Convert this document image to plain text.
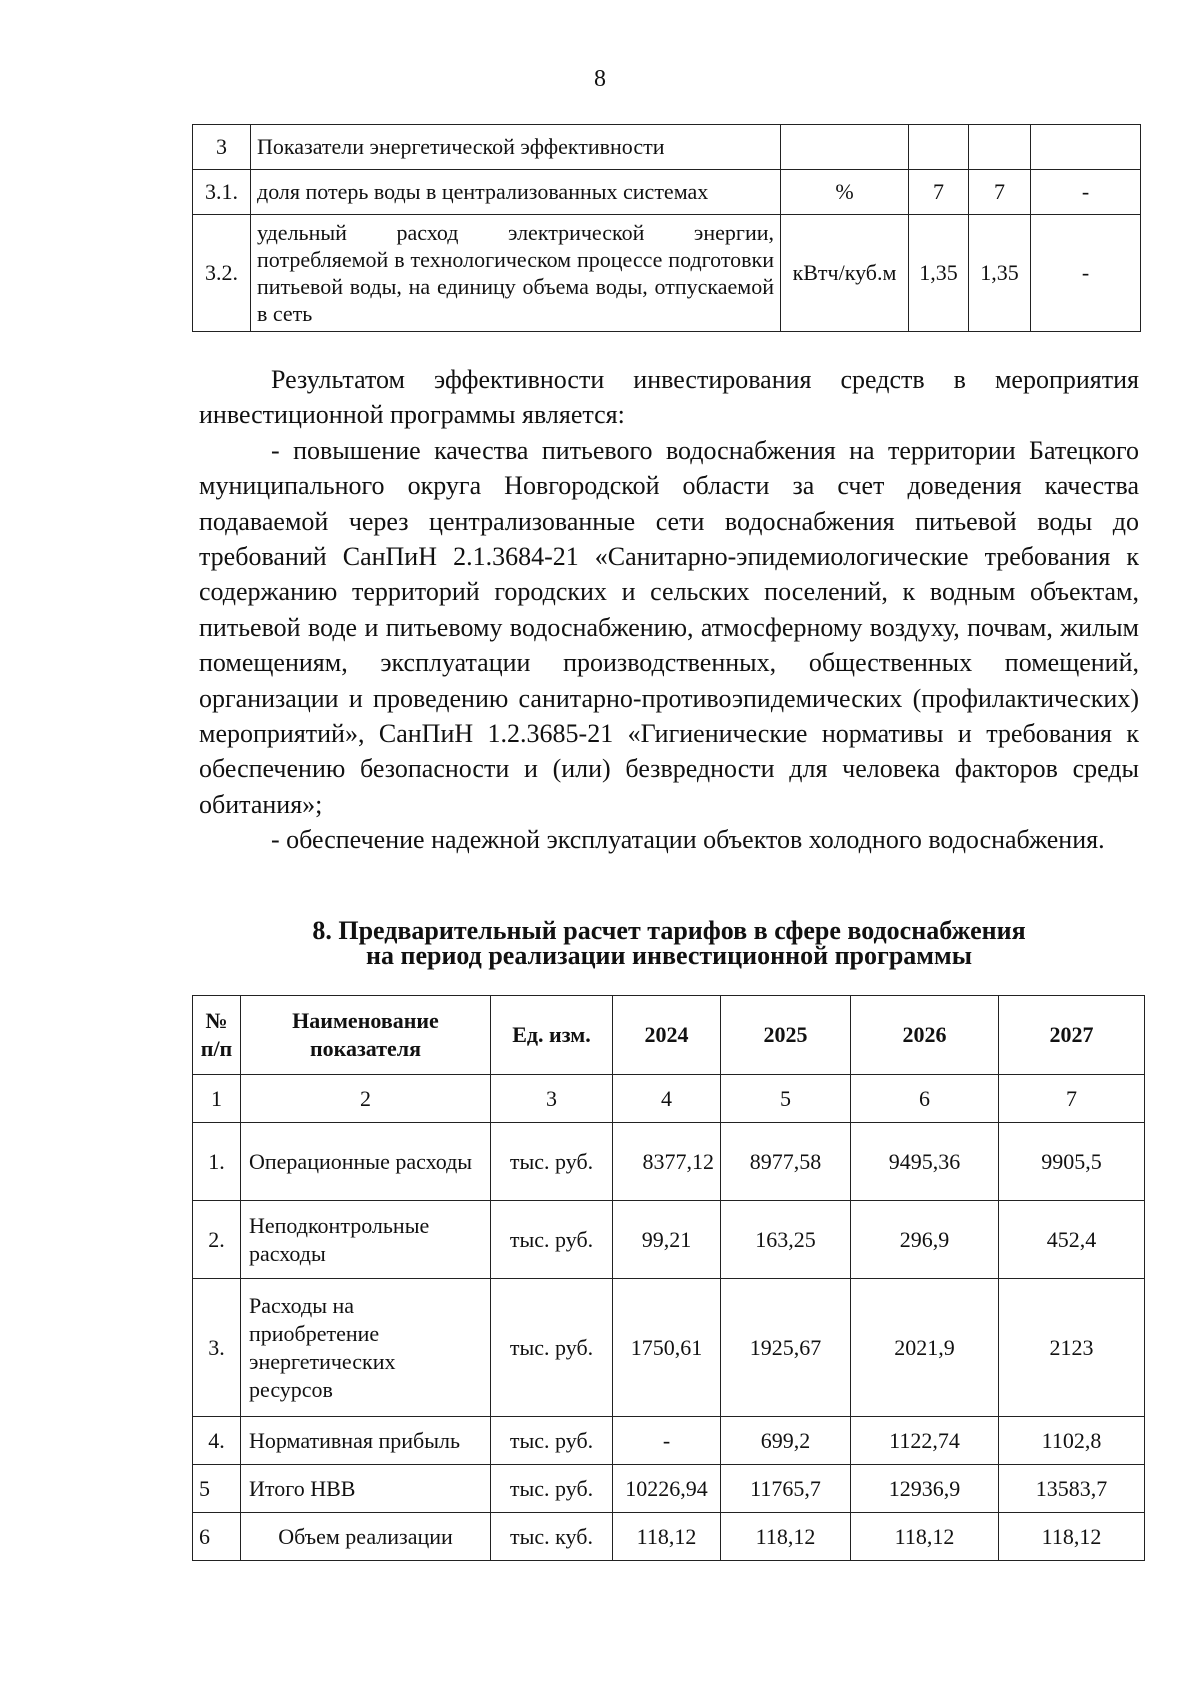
8
3	Показатели энергетической эффективности				
3.1.	доля потерь воды в централизованных системах	%	7	7	-
3.2.	удельный расход электрической энергии, потребляемой в технологическом процессе подготовки питьевой воды, на единицу объема воды, отпускаемой в сеть	кВтч/куб.м	1,35	1,35	-

Результатом эффективности инвестирования средств в мероприятия инвестиционной программы является:

- повышение качества питьевого водоснабжения на территории Батецкого муниципального округа Новгородской области за счет доведения качества подаваемой через централизованные сети водоснабжения питьевой воды до требований СанПиН 2.1.3684-21 «Санитарно-эпидемиологические требования к содержанию территорий городских и сельских поселений, к водным объектам, питьевой воде и питьевому водоснабжению, атмосферному воздуху, почвам, жилым помещениям, эксплуатации производственных, общественных помещений, организации и проведению санитарно-противоэпидемических (профилактических) мероприятий», СанПиН 1.2.3685-21 «Гигиенические нормативы и требования к обеспечению безопасности и (или) безвредности для человека факторов среды обитания»;

- обеспечение надежной эксплуатации объектов холодного водоснабжения.

8. Предварительный расчет тарифов в сфере водоснабжения
на период реализации инвестиционной программы
№ п/п	Наименование показателя	Ед. изм.	2024	2025	2026	2027
1	2	3	4	5	6	7
1.	Операционные расходы	тыс. руб.	8377,12	8977,58	9495,36	9905,5
2.	Неподконтрольные расходы	тыс. руб.	99,21	163,25	296,9	452,4
3.	Расходы на приобретение энергетических ресурсов	тыс. руб.	1750,61	1925,67	2021,9	2123
4.	Нормативная прибыль	тыс. руб.	-	699,2	1122,74	1102,8
5	Итого НВВ	тыс. руб.	10226,94	11765,7	12936,9	13583,7
6	Объем реализации	тыс. куб.	118,12	118,12	118,12	118,12
